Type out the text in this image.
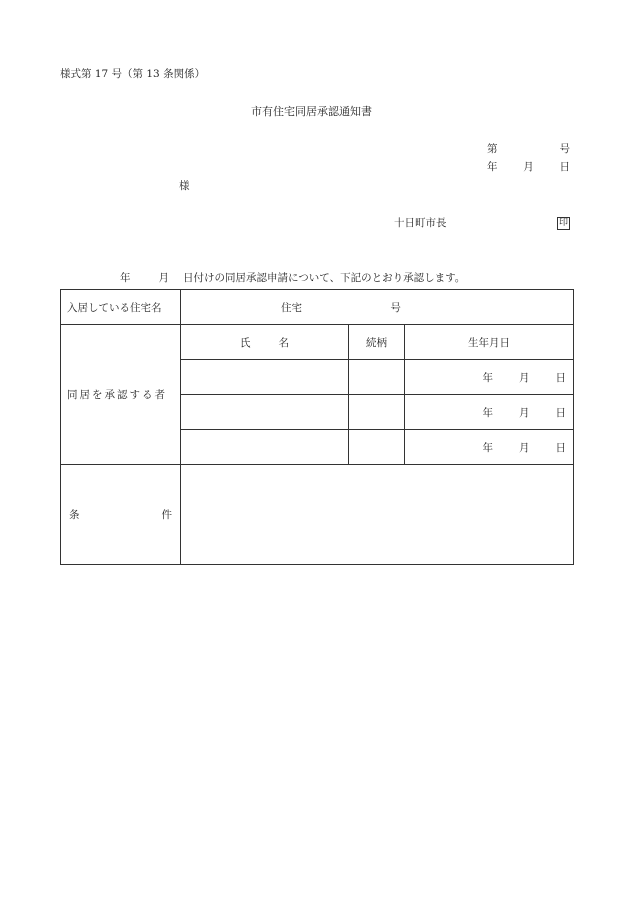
様式第 17 号（第 13 条関係）
市有住宅同居承認通知書
第	号
年 月 日
様
十日町市長	印
年	月 日付けの同居承認申請について、下記のとおり承認します。
入居している住宅名	住宅 号		
同居を承認する者	氏 名	続柄	生年月日

			年 月 日

			年 月 日

			年 月 日

条 件			
